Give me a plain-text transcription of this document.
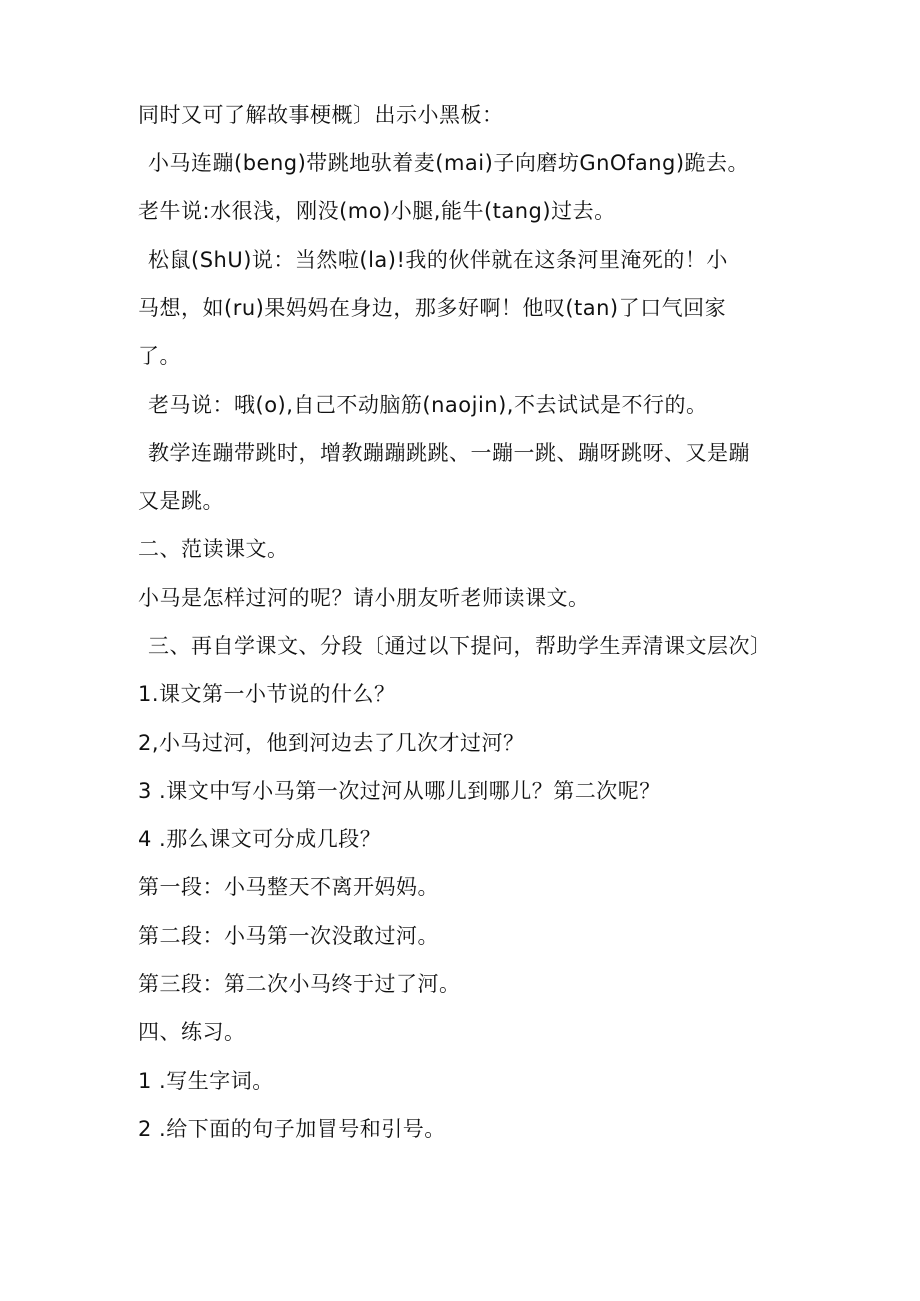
同时又可了解故事梗概〕出示小黑板：
小马连蹦(beng)带跳地驮着麦(mai)子向磨坊GnOfang)跪去。
老牛说:水很浅，刚没(mo)小腿,能牛(tang)过去。
松鼠(ShU)说：当然啦(la)!我的伙伴就在这条河里淹死的！小
马想，如(ru)果妈妈在身边，那多好啊！他叹(tan)了口气回家
了。
老马说：哦(o),自己不动脑筋(naojin),不去试试是不行的。
教学连蹦带跳时，增教蹦蹦跳跳、一蹦一跳、蹦呀跳呀、又是蹦
又是跳。
二、范读课文。
小马是怎样过河的呢？请小朋友听老师读课文。
三、再自学课文、分段〔通过以下提问，帮助学生弄清课文层次〕
1.课文第一小节说的什么？
2,小马过河，他到河边去了几次才过河？
3 .课文中写小马第一次过河从哪儿到哪儿？第二次呢？
4 .那么课文可分成几段？
第一段：小马整天不离开妈妈。
第二段：小马第一次没敢过河。
第三段：第二次小马终于过了河。
四、练习。
1 .写生字词。
2 .给下面的句子加冒号和引号。
